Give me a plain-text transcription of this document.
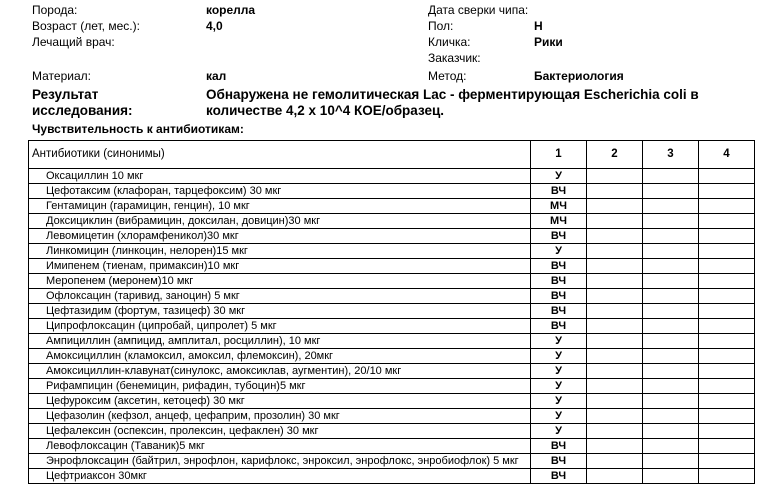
Порода:	корелла
Возраст (лет, мес.):	4,0
Лечащий врач:
Дата сверки чипа:
Пол:	Н
Кличка:	Рики
Заказчик:
Материал:	кал	Метод:	Бактериология
Результат
исследования:
Обнаружена не гемолитическая Lac - ферментирующая Escherichia coli в
количестве 4,2 х 10^4 КОЕ/образец.
Чувствительность к антибиотикам:
Антибиотики (синонимы)	1	2	3	4
Оксациллин 10 мкг	У			
Цефотаксим (клафоран, тарцефоксим) 30 мкг	ВЧ			
Гентамицин (гарамицин, генцин), 10 мкг	МЧ			
Доксициклин (вибрамицин, доксилан, довицин)30 мкг	МЧ			
Левомицетин (хлорамфеникол)30 мкг	ВЧ			
Линкомицин (линкоцин, нелорен)15 мкг	У			
Имипенем (тиенам, примаксин)10 мкг	ВЧ			
Меропенем (меронем)10 мкг	ВЧ			
Офлоксацин (таривид, заноцин) 5 мкг	ВЧ			
Цефтазидим (фортум, тазицеф) 30 мкг	ВЧ			
Ципрофлоксацин (ципробай, ципролет) 5 мкг	ВЧ			
Ампициллин (ампицид, амплитал, росциллин), 10 мкг	У			
Амоксициллин (кламоксил, амоксил, флемоксин), 20мкг	У			
Амоксициллин-клавунат(синулокс, амоксиклав, аугментин), 20/10 мкг	У			
Рифампицин (бенемицин, рифадин, тубоцин)5 мкг	У			
Цефуроксим (аксетин, кетоцеф) 30 мкг	У			
Цефазолин (кефзол, анцеф, цефаприм, прозолин) 30 мкг	У			
Цефалексин (оспексин, пролексин, цефаклен) 30 мкг	У			
Левофлоксацин (Таваник)5 мкг	ВЧ			
Энрофлоксацин (байтрил, энрофлон, карифлокс, энроксил, энрофлокс, энробиофлок) 5 мкг	ВЧ			
Цефтриаксон 30мкг	ВЧ			
